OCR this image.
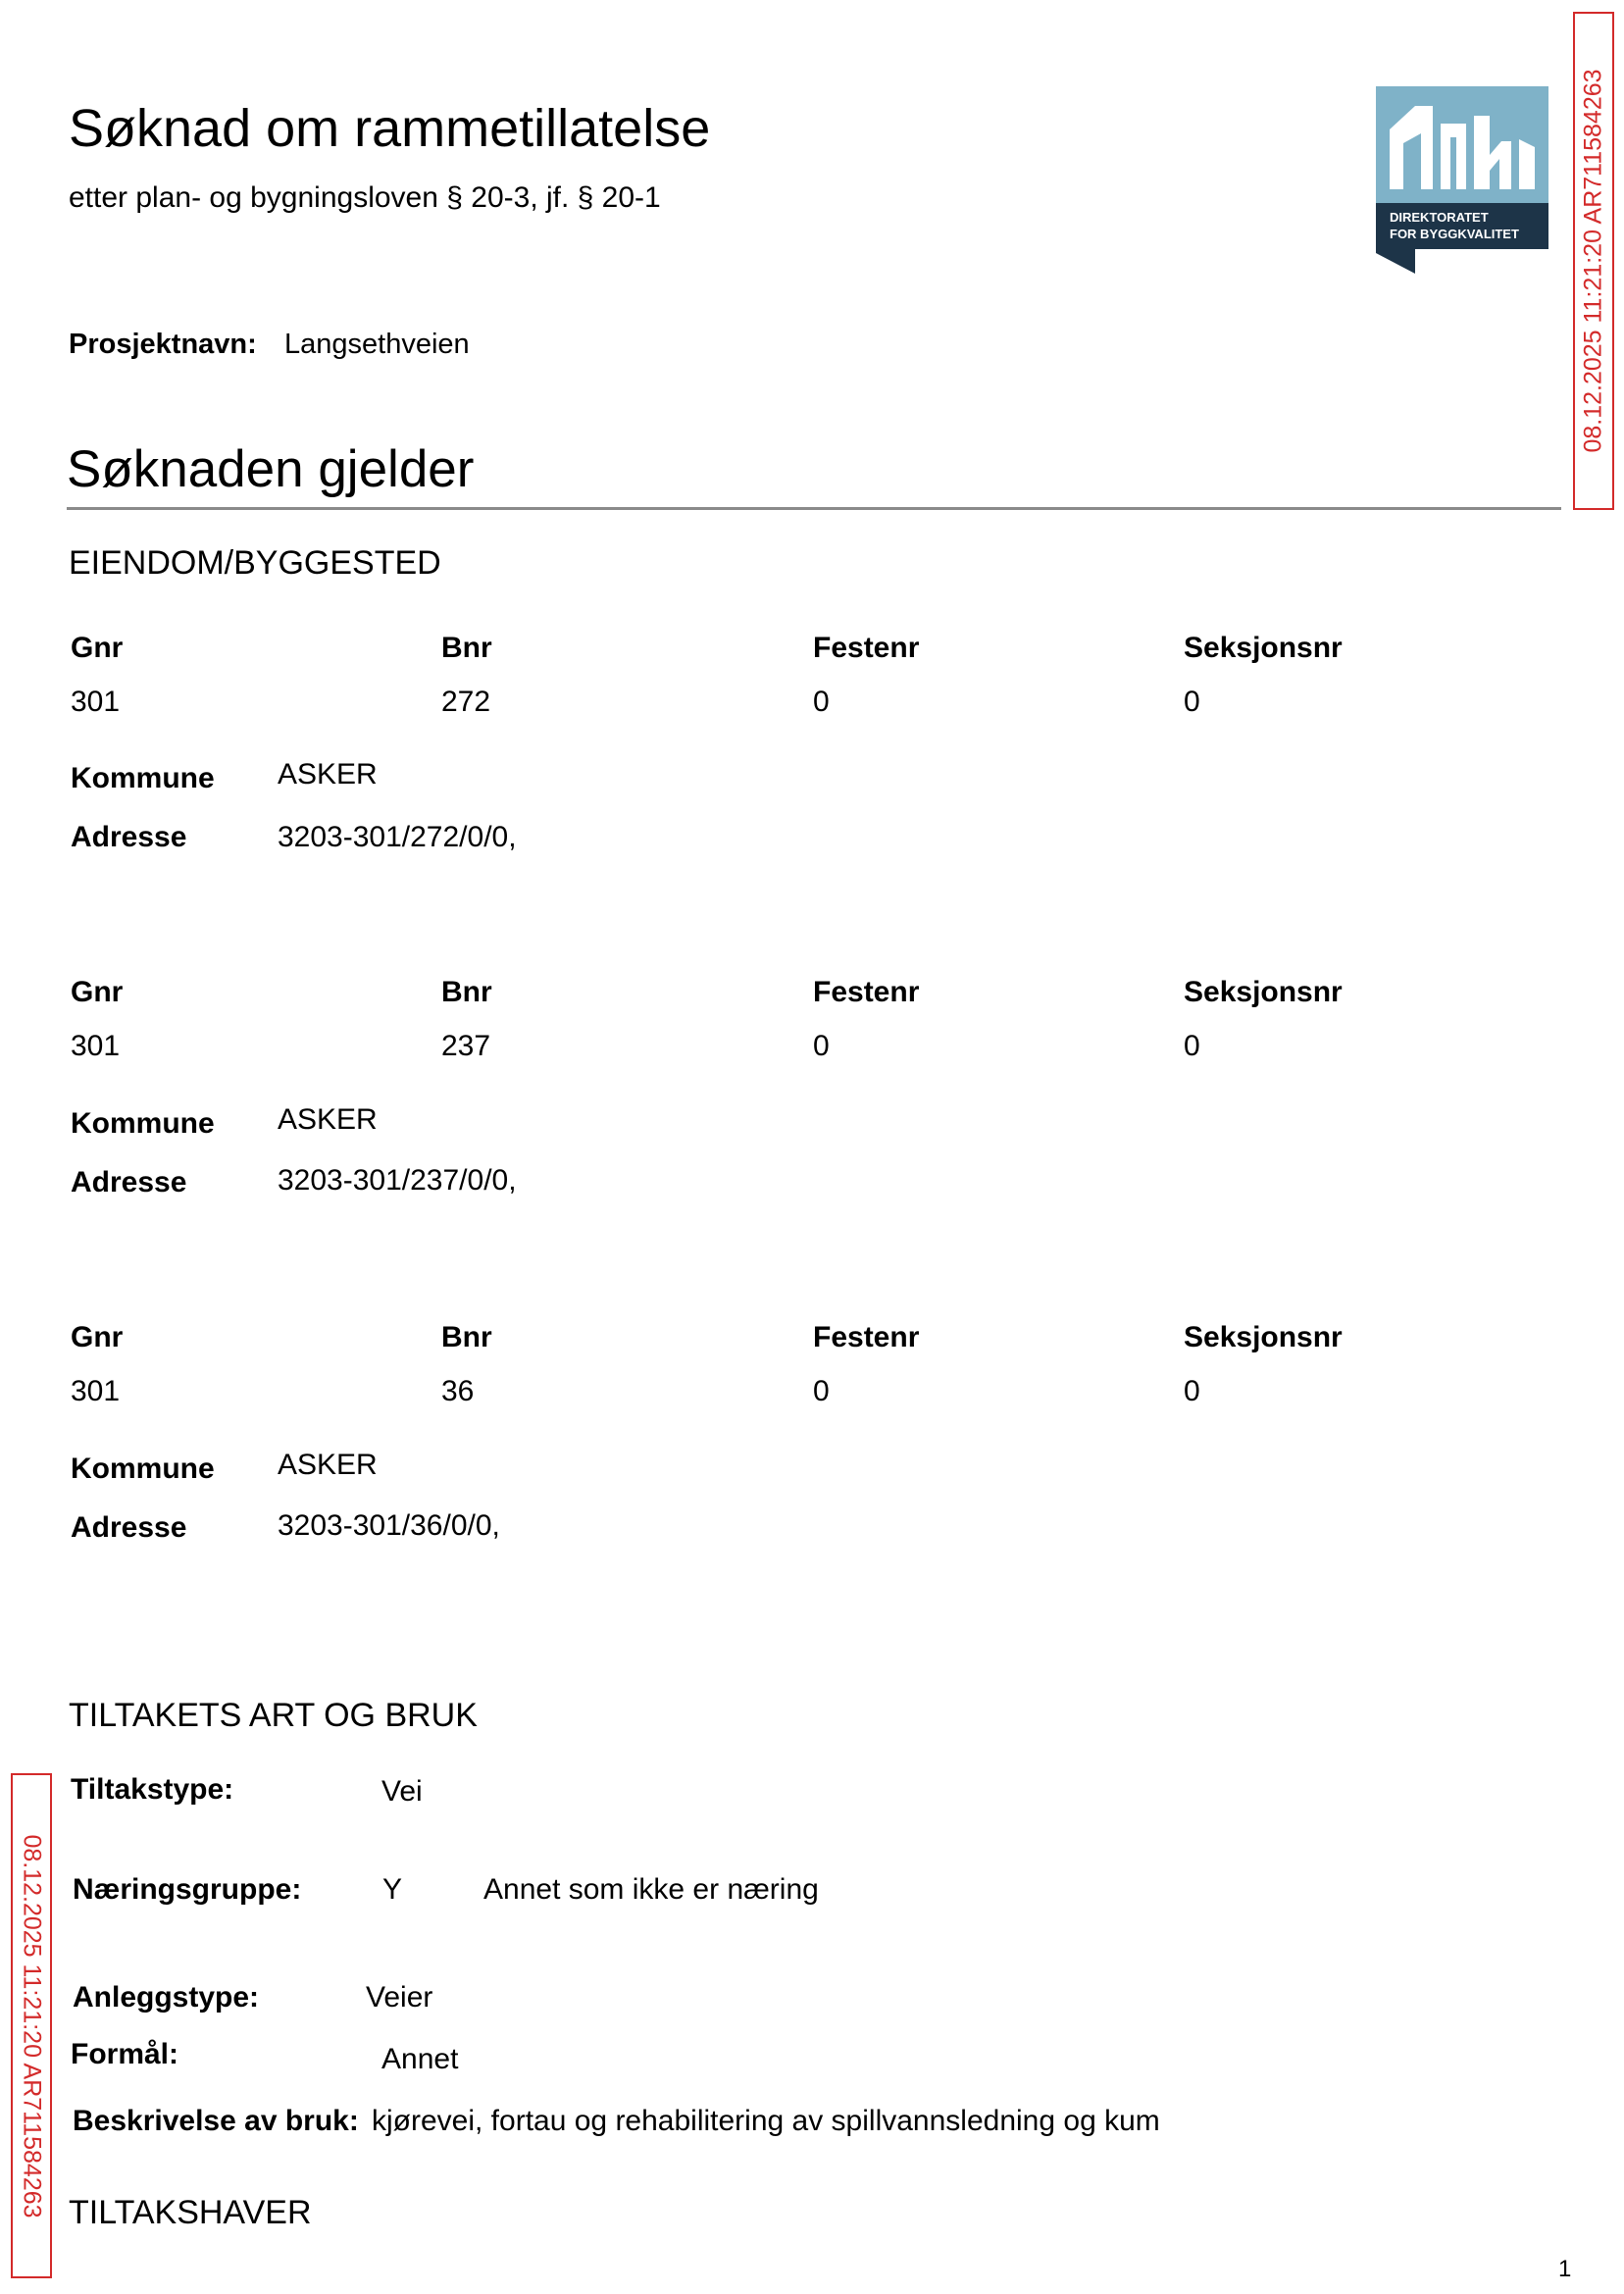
Søknad om rammetillatelse
etter plan- og bygningsloven § 20-3, jf. § 20-1
DIREKTORATET
FOR BYGGKVALITET 08.12.2025 11:21:20 AR711584263
08.12.2025 11:21:20 AR711584263
Prosjektnavn: Langsethveien
Søknaden gjelder
EIENDOM/BYGGESTED
Gnr	Bnr	Festenr	Seksjonsnr
301	272	0	0
Kommune ASKER
Adresse	3203-301/272/0/0,
Gnr	Bnr	Festenr	Seksjonsnr
301	237	0	0
Kommune ASKER
Adresse	3203-301/237/0/0,
Gnr	Bnr	Festenr	Seksjonsnr
301	36	0	0
Kommune ASKER
Adresse	3203-301/36/0/0,
TILTAKETS ART OG BRUK
Tiltakstype:	Vei
Næringsgruppe:	Y	Annet som ikke er næring
Anleggstype:	Veier
Formål:	Annet
Beskrivelse av bruk: kjørevei, fortau og rehabilitering av spillvannsledning og kum
TILTAKSHAVER
1
